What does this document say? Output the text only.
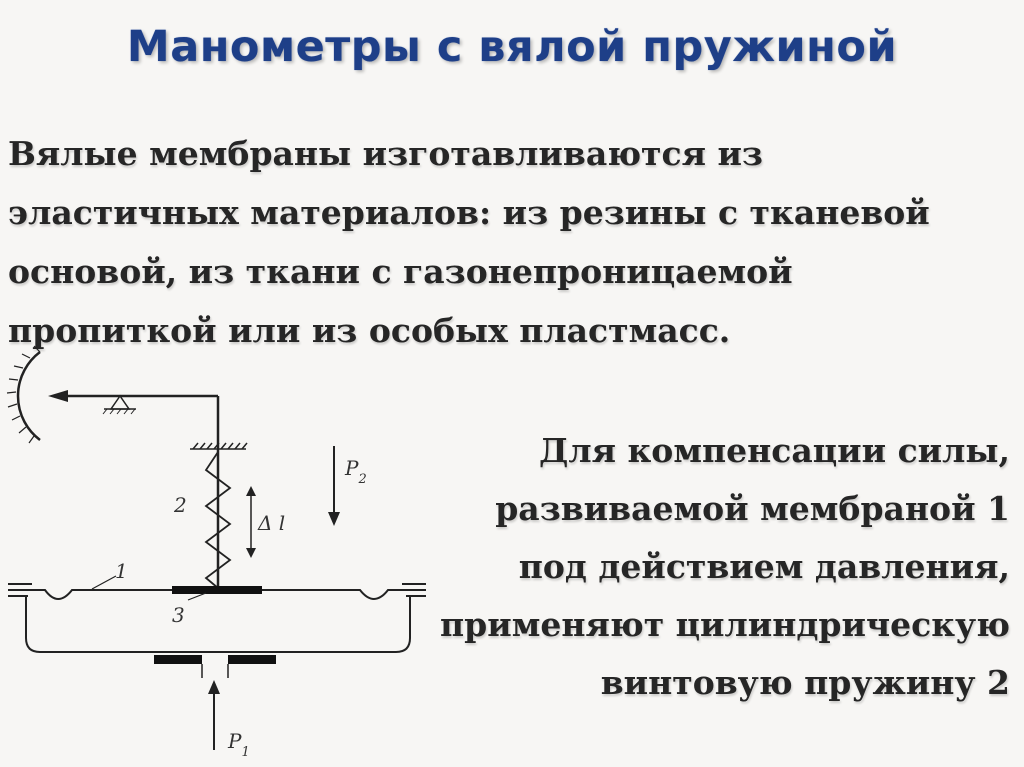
Манометры с вялой пружиной
Вялые мембраны изготавливаются из
эластичных материалов: из резины с тканевой
основой, из ткани с газонепроницаемой
пропиткой или из особых пластмасс.
Для компенсации силы,
развиваемой мембраной 1
под действием давления,
применяют цилиндрическую
винтовую пружину 2
1
2
3
Δ l
$P_2$
$P_1$
